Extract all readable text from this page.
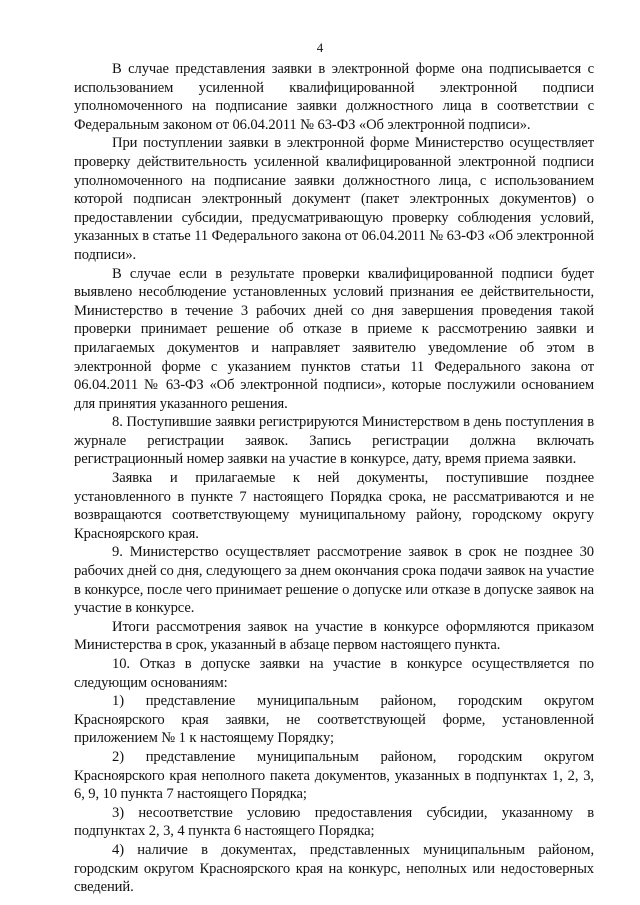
4

В случае представления заявки в электронной форме она подписывается с использованием усиленной квалифицированной электронной подписи уполномоченного на подписание заявки должностного лица в соответствии с Федеральным законом от 06.04.2011 № 63-ФЗ «Об электронной подписи».

При поступлении заявки в электронной форме Министерство осуществляет проверку действительность усиленной квалифицированной электронной подписи уполномоченного на подписание заявки должностного лица, с использованием которой подписан электронный документ (пакет электронных документов) о предоставлении субсидии, предусматривающую проверку соблюдения условий, указанных в статье 11 Федерального закона от 06.04.2011 № 63-ФЗ «Об электронной подписи».

В случае если в результате проверки квалифицированной подписи будет выявлено несоблюдение установленных условий признания ее действительности, Министерство в течение 3 рабочих дней со дня завершения проведения такой проверки принимает решение об отказе в приеме к рассмотрению заявки и прилагаемых документов и направляет заявителю уведомление об этом в электронной форме с указанием пунктов статьи 11 Федерального закона от 06.04.2011 № 63-ФЗ «Об электронной подписи», которые послужили основанием для принятия указанного решения.

8. Поступившие заявки регистрируются Министерством в день поступления в журнале регистрации заявок. Запись регистрации должна включать регистрационный номер заявки на участие в конкурсе, дату, время приема заявки.

Заявка и прилагаемые к ней документы, поступившие позднее установленного в пункте 7 настоящего Порядка срока, не рассматриваются и не возвращаются соответствующему муниципальному району, городскому округу Красноярского края.

9. Министерство осуществляет рассмотрение заявок в срок не позднее 30 рабочих дней со дня, следующего за днем окончания срока подачи заявок на участие в конкурсе, после чего принимает решение о допуске или отказе в допуске заявок на участие в конкурсе.

Итоги рассмотрения заявок на участие в конкурсе оформляются приказом Министерства в срок, указанный в абзаце первом настоящего пункта.

10. Отказ в допуске заявки на участие в конкурсе осуществляется по следующим основаниям:

1) представление муниципальным районом, городским округом Красноярского края заявки, не соответствующей форме, установленной приложением № 1 к настоящему Порядку;

2) представление муниципальным районом, городским округом Красноярского края неполного пакета документов, указанных в подпунктах 1, 2, 3, 6, 9, 10 пункта 7 настоящего Порядка;

3) несоответствие условию предоставления субсидии, указанному в подпунктах 2, 3, 4 пункта 6 настоящего Порядка;

4) наличие в документах, представленных муниципальным районом, городским округом Красноярского края на конкурс, неполных или недостоверных сведений.
